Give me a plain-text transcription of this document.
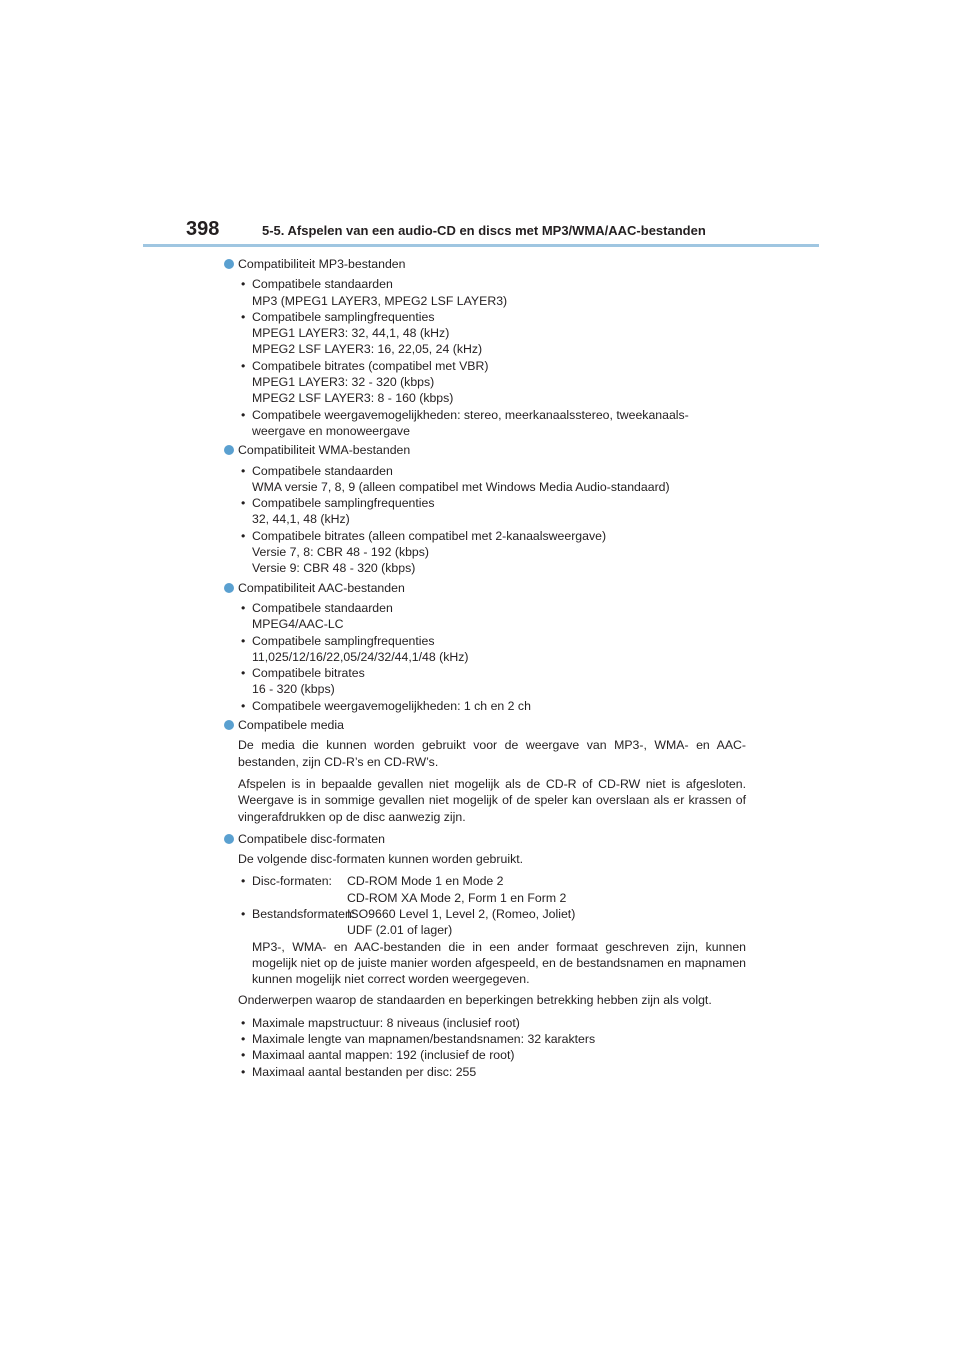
398	5-5. Afspelen van een audio-CD en discs met MP3/WMA/AAC-bestanden
Compatibiliteit MP3-bestanden
• Compatibele standaarden
MP3 (MPEG1 LAYER3, MPEG2 LSF LAYER3)
• Compatibele samplingfrequenties
MPEG1 LAYER3: 32, 44,1, 48 (kHz)
MPEG2 LSF LAYER3: 16, 22,05, 24 (kHz)
• Compatibele bitrates (compatibel met VBR)
MPEG1 LAYER3: 32 - 320 (kbps)
MPEG2 LSF LAYER3: 8 - 160 (kbps)
• Compatibele weergavemogelijkheden: stereo, meerkanaalsstereo, tweekanaals-
weergave en monoweergave
Compatibiliteit WMA-bestanden
• Compatibele standaarden
WMA versie 7, 8, 9 (alleen compatibel met Windows Media Audio-standaard)
• Compatibele samplingfrequenties
32, 44,1, 48 (kHz)
• Compatibele bitrates (alleen compatibel met 2-kanaalsweergave)
Versie 7, 8: CBR 48 - 192 (kbps)
Versie 9: CBR 48 - 320 (kbps)
Compatibiliteit AAC-bestanden
• Compatibele standaarden
MPEG4/AAC-LC
• Compatibele samplingfrequenties
11,025/12/16/22,05/24/32/44,1/48 (kHz)
• Compatibele bitrates
16 - 320 (kbps)
• Compatibele weergavemogelijkheden: 1 ch en 2 ch
Compatibele media
De media die kunnen worden gebruikt voor de weergave van MP3-, WMA- en AAC-bestanden, zijn CD-R’s en CD-RW’s.
Afspelen is in bepaalde gevallen niet mogelijk als de CD-R of CD-RW niet is afgesloten. Weergave is in sommige gevallen niet mogelijk of de speler kan overslaan als er krassen of vingerafdrukken op de disc aanwezig zijn.
Compatibele disc-formaten
De volgende disc-formaten kunnen worden gebruikt.
• Disc-formaten:	CD-ROM Mode 1 en Mode 2
CD-ROM XA Mode 2, Form 1 en Form 2
• Bestandsformaten:
ISO9660 Level 1, Level 2, (Romeo, Joliet)
UDF (2.01 of lager)
MP3-, WMA- en AAC-bestanden die in een ander formaat geschreven zijn, kunnen mogelijk niet op de juiste manier worden afgespeeld, en de bestandsnamen en mapnamen kunnen mogelijk niet correct worden weergegeven.
Onderwerpen waarop de standaarden en beperkingen betrekking hebben zijn als volgt.
• Maximale mapstructuur: 8 niveaus (inclusief root)
• Maximale lengte van mapnamen/bestandsnamen: 32 karakters
• Maximaal aantal mappen: 192 (inclusief de root)
• Maximaal aantal bestanden per disc: 255
